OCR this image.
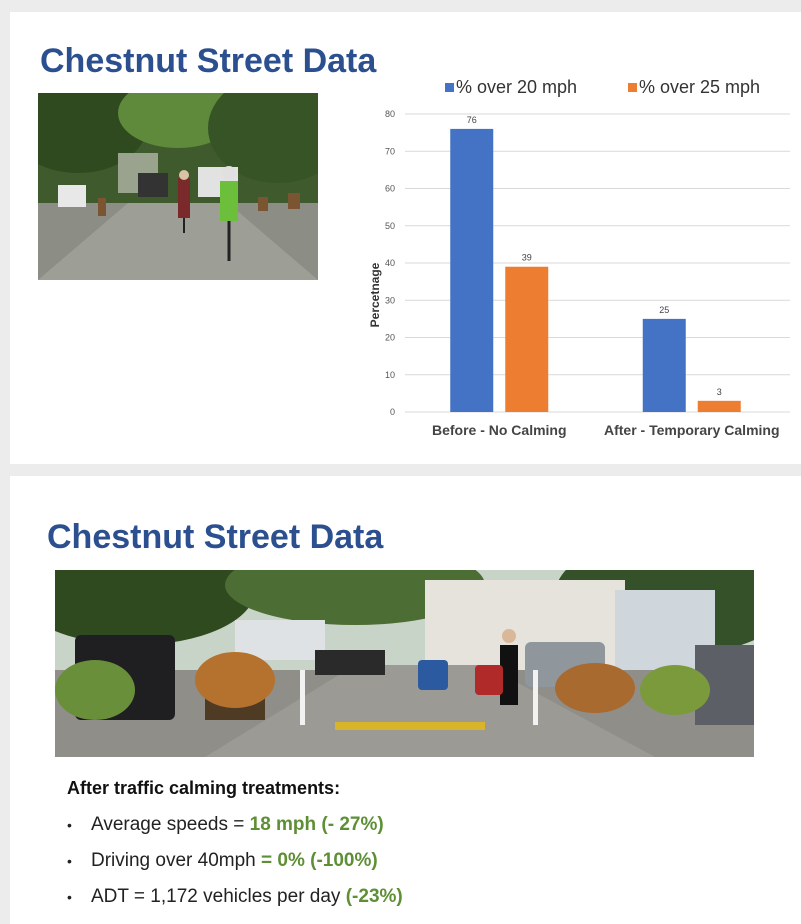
Chestnut Street Data
% over 20 mph	% over 25 mph
0
10
20
30
40
50
60
70
80
76
39
25
3
Before - No Calming	After - Temporary Calming
Percetnage
Chestnut Street Data
After traffic calming treatments:
• Average speeds = 18 mph (- 27%)
• Driving over 40mph = 0% (-100%)
• ADT = 1,172 vehicles per day (-23%)
